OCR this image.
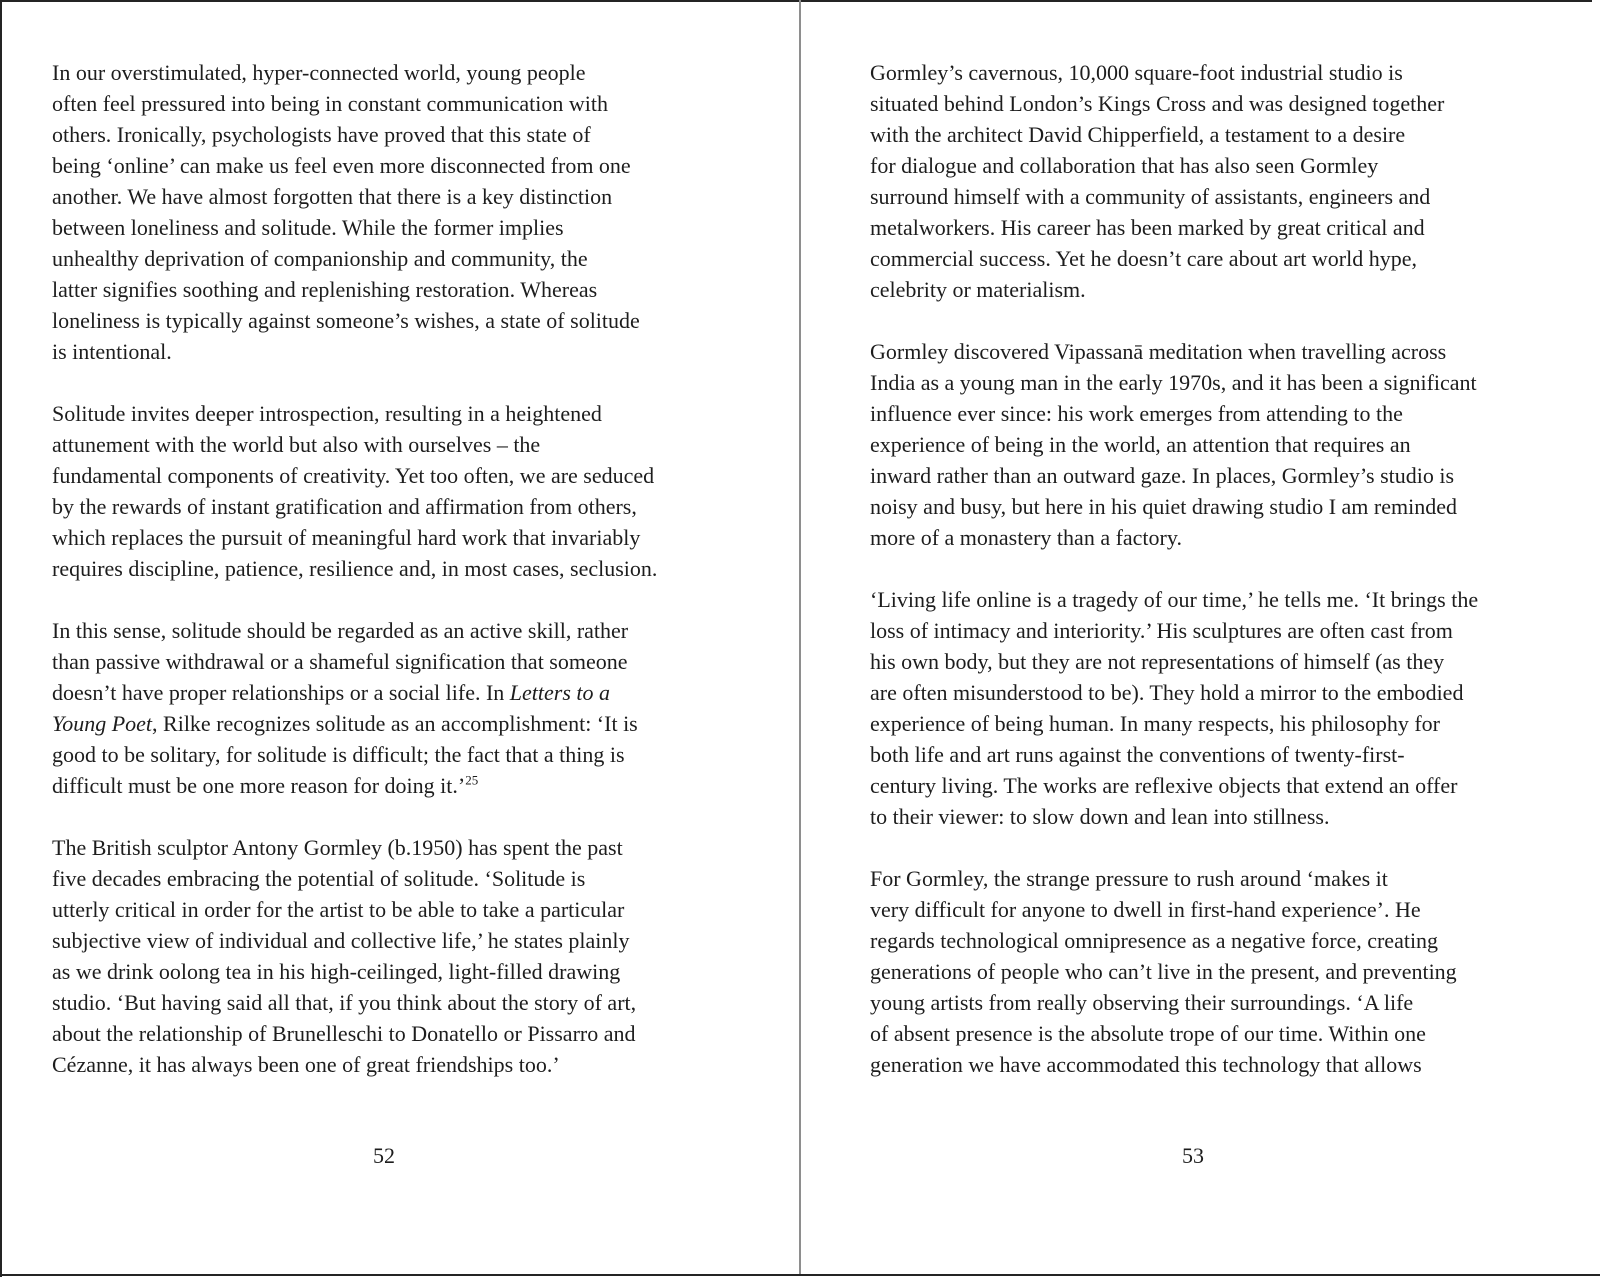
In our overstimulated, hyper-connected world, young people
often feel pressured into being in constant communication with
others. Ironically, psychologists have proved that this state of
being ‘online’ can make us feel even more disconnected from one
another. We have almost forgotten that there is a key distinction
between loneliness and solitude. While the former implies
unhealthy deprivation of companionship and community, the
latter signifies soothing and replenishing restoration. Whereas
loneliness is typically against someone’s wishes, a state of solitude
is intentional.
Solitude invites deeper introspection, resulting in a heightened
attunement with the world but also with ourselves – the
fundamental components of creativity. Yet too often, we are seduced
by the rewards of instant gratification and affirmation from others,
which replaces the pursuit of meaningful hard work that invariably
requires discipline, patience, resilience and, in most cases, seclusion.
In this sense, solitude should be regarded as an active skill, rather
than passive withdrawal or a shameful signification that someone
doesn’t have proper relationships or a social life. In Letters to a
Young Poet, Rilke recognizes solitude as an accomplishment: ‘It is
good to be solitary, for solitude is difficult; the fact that a thing is
difficult must be one more reason for doing it.’$^{25}$
The British sculptor Antony Gormley (b.1950) has spent the past
five decades embracing the potential of solitude. ‘Solitude is
utterly critical in order for the artist to be able to take a particular
subjective view of individual and collective life,’ he states plainly
as we drink oolong tea in his high-ceilinged, light-filled drawing
studio. ‘But having said all that, if you think about the story of art,
about the relationship of Brunelleschi to Donatello or Pissarro and
Cézanne, it has always been one of great friendships too.’
52
Gormley’s cavernous, 10,000 square-foot industrial studio is
situated behind London’s Kings Cross and was designed together
with the architect David Chipperfield, a testament to a desire
for dialogue and collaboration that has also seen Gormley
surround himself with a community of assistants, engineers and
metalworkers. His career has been marked by great critical and
commercial success. Yet he doesn’t care about art world hype,
celebrity or materialism.
Gormley discovered Vipassanā meditation when travelling across
India as a young man in the early 1970s, and it has been a significant
influence ever since: his work emerges from attending to the
experience of being in the world, an attention that requires an
inward rather than an outward gaze. In places, Gormley’s studio is
noisy and busy, but here in his quiet drawing studio I am reminded
more of a monastery than a factory.
‘Living life online is a tragedy of our time,’ he tells me. ‘It brings the
loss of intimacy and interiority.’ His sculptures are often cast from
his own body, but they are not representations of himself (as they
are often misunderstood to be). They hold a mirror to the embodied
experience of being human. In many respects, his philosophy for
both life and art runs against the conventions of twenty-first-
century living. The works are reflexive objects that extend an offer
to their viewer: to slow down and lean into stillness.
For Gormley, the strange pressure to rush around ‘makes it
very difficult for anyone to dwell in first-hand experience’. He
regards technological omnipresence as a negative force, creating
generations of people who can’t live in the present, and preventing
young artists from really observing their surroundings. ‘A life
of absent presence is the absolute trope of our time. Within one
generation we have accommodated this technology that allows
53
